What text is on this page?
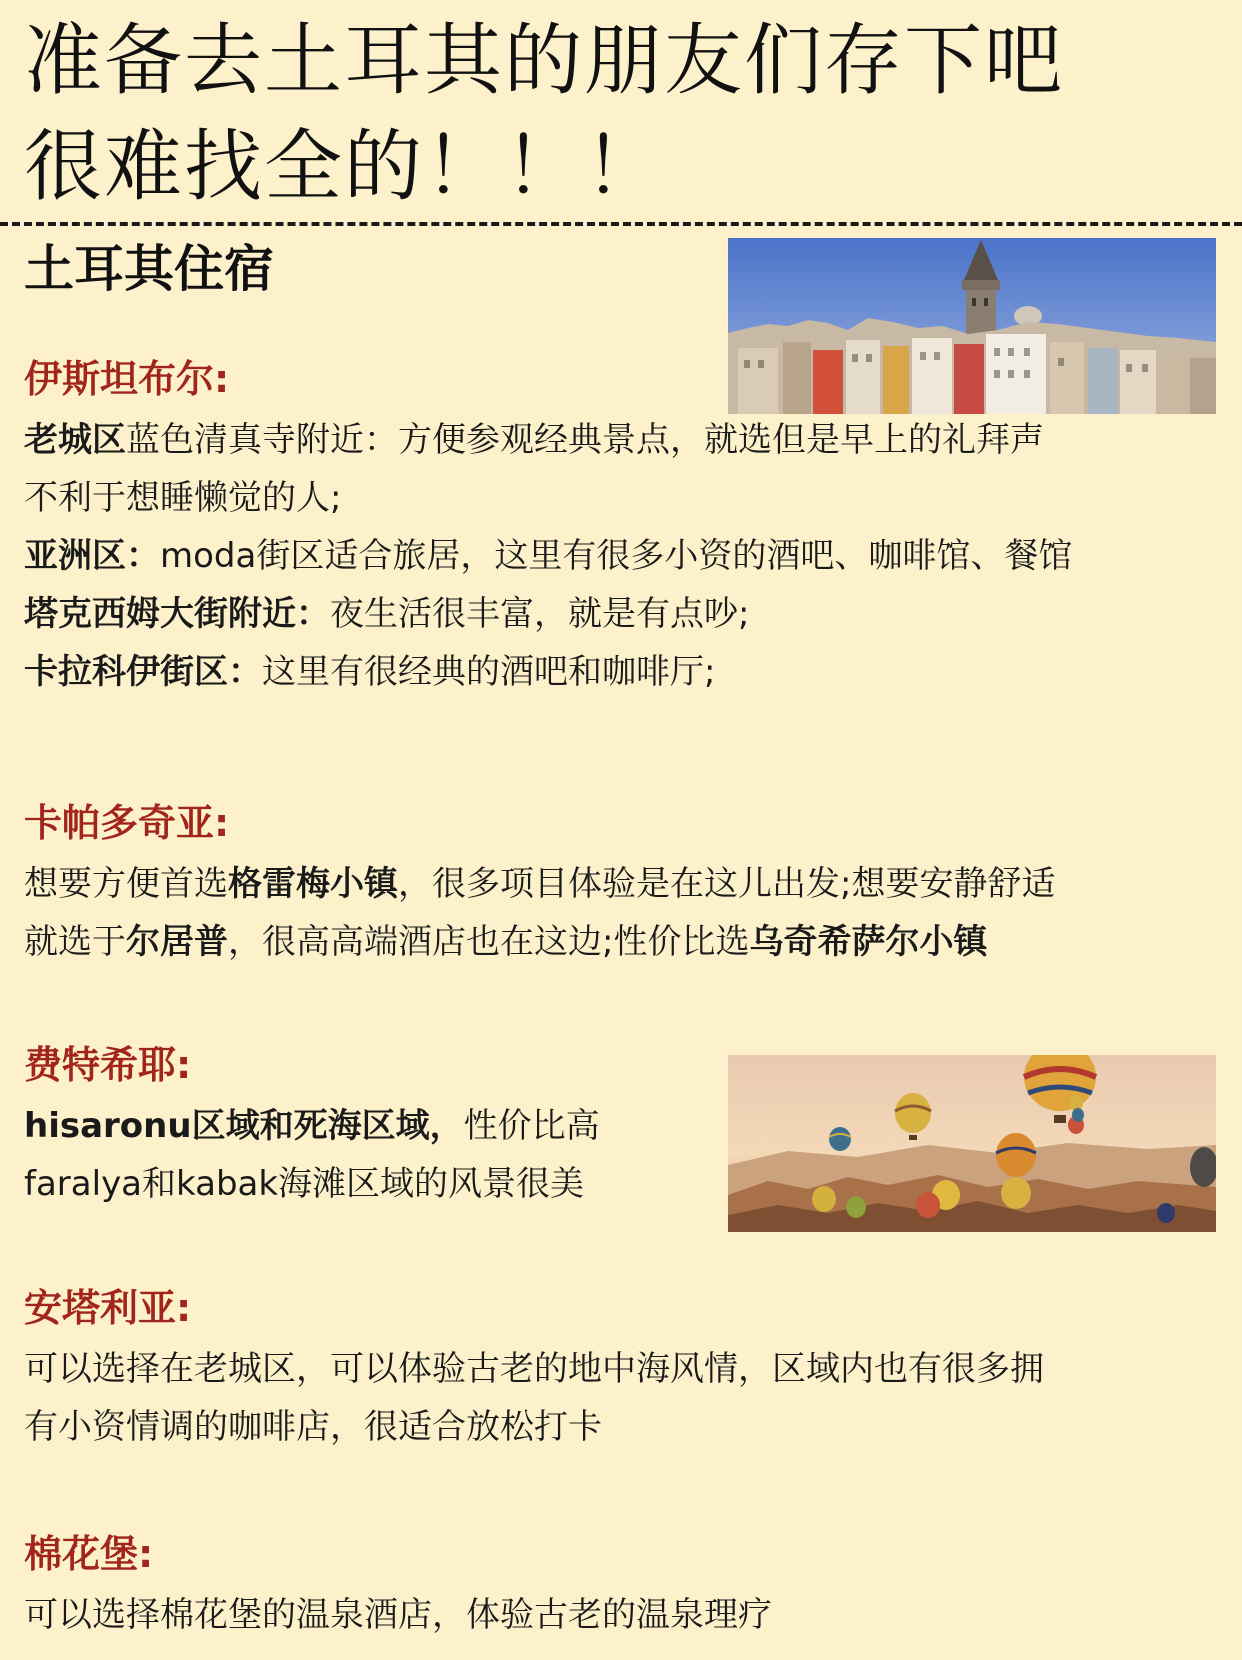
准备去土耳其的朋友们存下吧
很难找全的！！！
土耳其住宿
伊斯坦布尔:

老城区蓝色清真寺附近：方便参观经典景点，就选但是早上的礼拜声

不利于想睡懒觉的人;

亚洲区：moda街区适合旅居，这里有很多小资的酒吧、咖啡馆、餐馆

塔克西姆大街附近：夜生活很丰富，就是有点吵;

卡拉科伊街区：这里有很经典的酒吧和咖啡厅;

卡帕多奇亚:

想要方便首选格雷梅小镇，很多项目体验是在这儿出发;想要安静舒适

就选于尔居普，很高高端酒店也在这边;性价比选乌奇希萨尔小镇

费特希耶:

hisaronu区域和死海区域，性价比高

faralya和kabak海滩区域的风景很美

安塔利亚:

可以选择在老城区，可以体验古老的地中海风情，区域内也有很多拥

有小资情调的咖啡店，很适合放松打卡

棉花堡:

可以选择棉花堡的温泉酒店，体验古老的温泉理疗
